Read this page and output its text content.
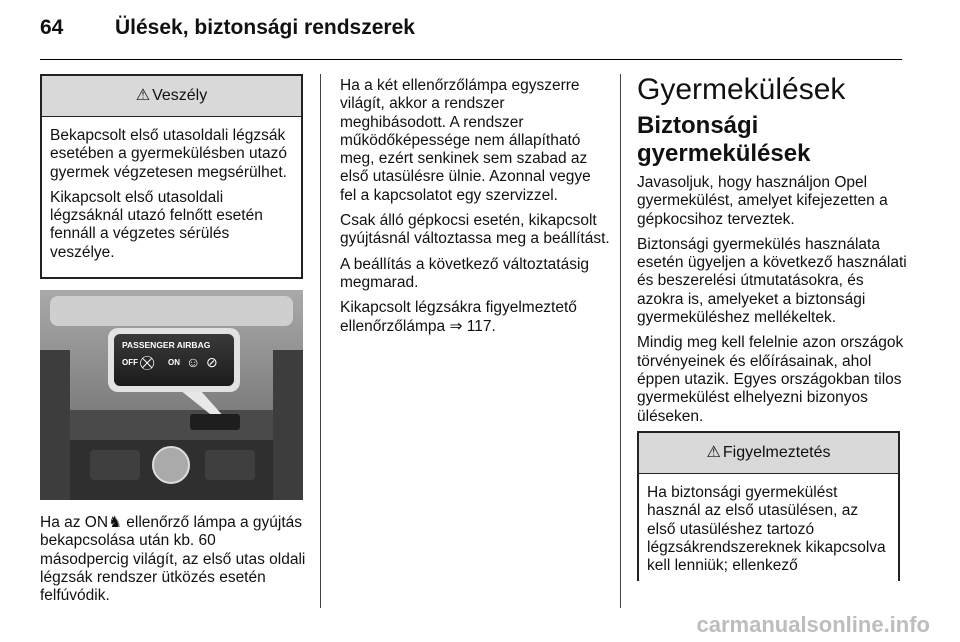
64 Ülések, biztonsági rendszerek
⚠ Veszély

Bekapcsolt első utasoldali légzsák esetében a gyermekülésben utazó gyermek végzetesen megsérülhet.

Kikapcsolt első utasoldali légzsáknál utazó felnőtt esetén fennáll a végzetes sérülés veszélye.

PASSENGER AIRBAG
OFF ⛒ ON ☺ ⊘
Ha az ON♞ ellenőrző lámpa a gyújtás bekapcsolása után kb. 60 másodpercig világít, az első utas oldali légzsák rendszer ütközés esetén felfúvódik.

Ha a két ellenőrzőlámpa egyszerre világít, akkor a rendszer meghibásodott. A rendszer működőképessége nem állapítható meg, ezért senkinek sem szabad az első utasülésre ülnie. Azonnal vegye fel a kapcsolatot egy szervizzel.

Csak álló gépkocsi esetén, kikapcsolt gyújtásnál változtassa meg a beállítást.

A beállítás a következő változtatásig megmarad.

Kikapcsolt légzsákra figyelmeztető ellenőrzőlámpa ⇒ 117.

Gyermekülések
Biztonsági gyermekülések

Javasoljuk, hogy használjon Opel gyermekülést, amelyet kifejezetten a gépkocsihoz terveztek.

Biztonsági gyermekülés használata esetén ügyeljen a következő használati és beszerelési útmutatásokra, és azokra is, amelyeket a biztonsági gyermeküléshez mellékeltek.

Mindig meg kell felelnie azon országok törvényeinek és előírásainak, ahol éppen utazik. Egyes országokban tilos gyermekülést elhelyezni bizonyos üléseken.

⚠ Figyelmeztetés
Ha biztonsági gyermekülést használ az első utasülésen, az első utasüléshez tartozó légzsákrendszereknek kikapcsolva kell lenniük; ellenkező
carmanualsonline.info
